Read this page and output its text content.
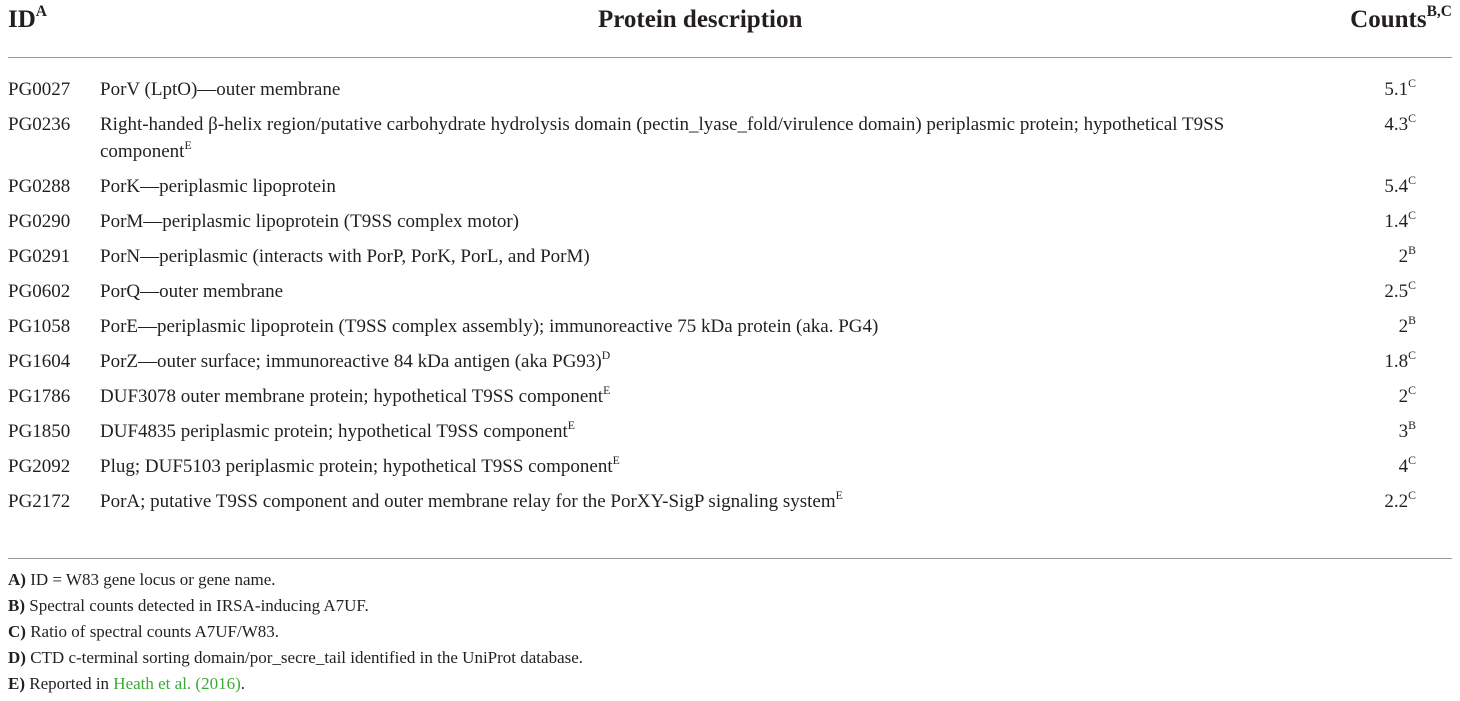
$ID^A$	Protein description	Counts$^{B,C}$
PG0027	PorV (LptO)—outer membrane	$5.1^C$
PG0236	Right-handed β-helix region/putative carbohydrate hydrolysis domain (pectin_lyase_fold/virulence domain) periplasmic protein; hypothetical T9SS component$^E$	$4.3^C$
PG0288	PorK—periplasmic lipoprotein	$5.4^C$
PG0290	PorM—periplasmic lipoprotein (T9SS complex motor)	$1.4^C$
PG0291	PorN—periplasmic (interacts with PorP, PorK, PorL, and PorM)	$2^B$
PG0602	PorQ—outer membrane	$2.5^C$
PG1058	PorE—periplasmic lipoprotein (T9SS complex assembly); immunoreactive 75 kDa protein (aka. PG4)	$2^B$
PG1604	PorZ—outer surface; immunoreactive 84 kDa antigen (aka PG93)$^D$	$1.8^C$
PG1786	DUF3078 outer membrane protein; hypothetical T9SS component$^E$	$2^C$
PG1850	DUF4835 periplasmic protein; hypothetical T9SS component$^E$	$3^B$
PG2092	Plug; DUF5103 periplasmic protein; hypothetical T9SS component$^E$	$4^C$
PG2172	PorA; putative T9SS component and outer membrane relay for the PorXY-SigP signaling system$^E$	$2.2^C$
A) ID = W83 gene locus or gene name.
B) Spectral counts detected in IRSA-inducing A7UF.
C) Ratio of spectral counts A7UF/W83.
D) CTD c-terminal sorting domain/por_secre_tail identified in the UniProt database.
E) Reported in Heath et al. (2016).
